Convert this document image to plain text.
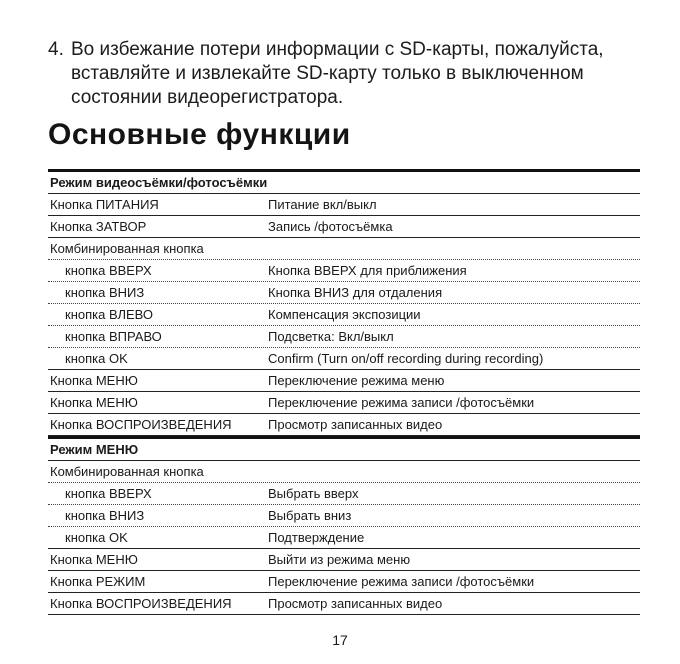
4. Во избежание потери информации с SD-карты, пожалуйста, вставляйте и извлекайте SD-карту только в выключенном состоянии видеорегистратора.
Основные функции
Режим видеосъёмки/фотосъёмки
Кнопка ПИТАНИЯ	Питание вкл/выкл
Кнопка ЗАТВОР	Запись /фотосъёмка
Комбинированная кнопка
кнопка ВВЕРХ	Кнопка ВВЕРХ для приближения
кнопка ВНИЗ	Кнопка ВНИЗ для отдаления
кнопка ВЛЕВО	Компенсация экспозиции
кнопка ВПРАВО	Подсветка: Вкл/выкл
кнопка OK	Confirm (Turn on/off recording during recording)
Кнопка МЕНЮ	Переключение режима меню
Кнопка МЕНЮ	Переключение режима записи /фотосъёмки
Кнопка ВОСПРОИЗВЕДЕНИЯ	Просмотр записанных видео
Режим МЕНЮ
Комбинированная кнопка
кнопка ВВЕРХ	Выбрать вверх
кнопка ВНИЗ	Выбрать вниз
кнопка OK	Подтверждение
Кнопка МЕНЮ	Выйти из режима меню
Кнопка РЕЖИМ	Переключение режима записи /фотосъёмки
Кнопка ВОСПРОИЗВЕДЕНИЯ	Просмотр записанных видео
17
